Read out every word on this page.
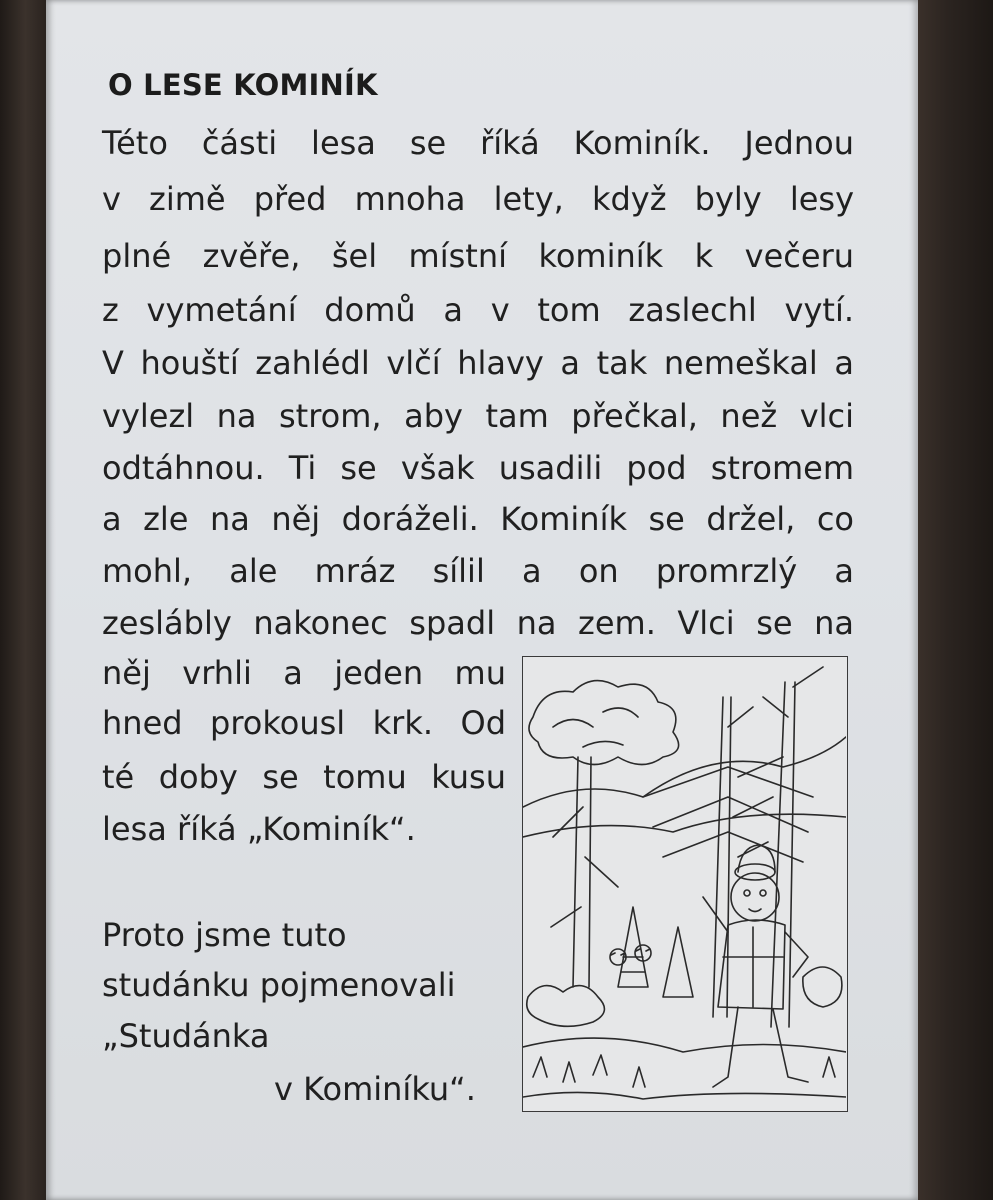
O LESE KOMINÍK
Této části lesa se říká Kominík. Jednou
v zimě před mnoha lety, když byly lesy
plné zvěře, šel místní kominík k večeru
z vymetání domů a v tom zaslechl vytí.
V houští zahlédl vlčí hlavy a tak nemeškal a
vylezl na strom, aby tam přečkal, než vlci
odtáhnou. Ti se však usadili pod stromem
a zle na něj doráželi. Kominík se držel, co
mohl, ale mráz sílil a on promrzlý a
zeslábly nakonec spadl na zem. Vlci se na
něj vrhli a jeden mu
hned prokousl krk. Od
té doby se tomu kusu
lesa říká „Kominík“.
Proto jsme tuto
studánku pojmenovali
„Studánka
v Kominíku“.
